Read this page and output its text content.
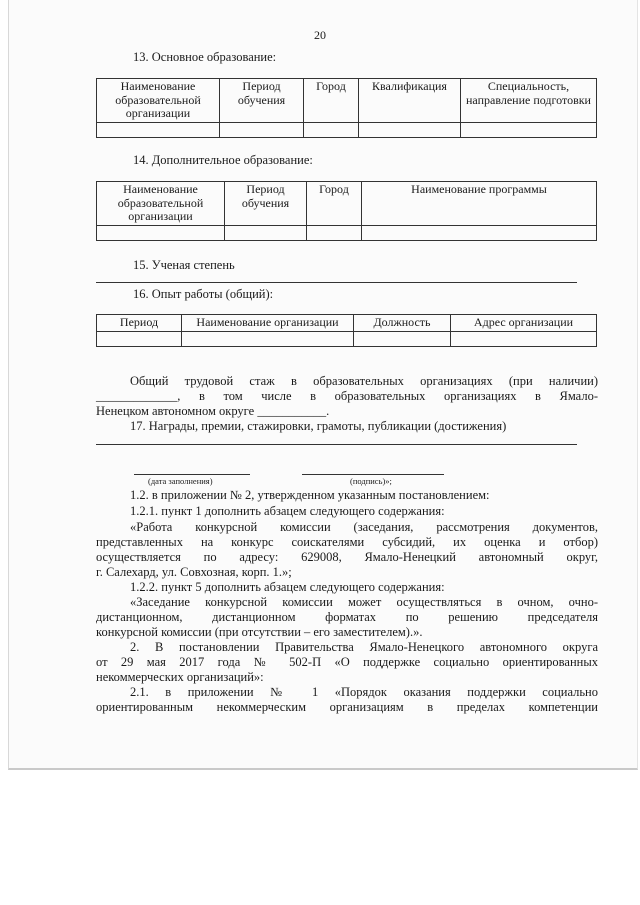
20
13. Основное образование:
Наименование образовательной организации	Период обучения	Город	Квалификация	Специальность, направление подготовки

14. Дополнительное образование:
Наименование образовательной организации	Период обучения	Город	Наименование программы

15. Ученая степень
16. Опыт работы (общий):
Период	Наименование организации	Должность	Адрес организации

Общий трудовой стаж в образовательных организациях (при наличии)
_____________, в том числе в образовательных организациях в Ямало-
Ненецком автономном округе ___________.
17. Награды, премии, стажировки, грамоты, публикации (достижения)
(дата заполнения)	(подпись)»;
1.2. в приложении № 2, утвержденном указанным постановлением:
1.2.1. пункт 1 дополнить абзацем следующего содержания:
«Работа конкурсной комиссии (заседания, рассмотрения документов,
представленных на конкурс соискателями субсидий, их оценка и отбор)
осуществляется по адресу: 629008, Ямало-Ненецкий автономный округ,
г. Салехард, ул. Совхозная, корп. 1.»;
1.2.2. пункт 5 дополнить абзацем следующего содержания:
«Заседание конкурсной комиссии может осуществляться в очном, очно-
дистанционном, дистанционном форматах по решению председателя
конкурсной комиссии (при отсутствии – его заместителем).».
2. В постановлении Правительства Ямало-Ненецкого автономного округа
от 29 мая 2017 года № 502-П «О поддержке социально ориентированных
некоммерческих организаций»:
2.1. в приложении № 1 «Порядок оказания поддержки социально
ориентированным некоммерческим организациям в пределах компетенции
